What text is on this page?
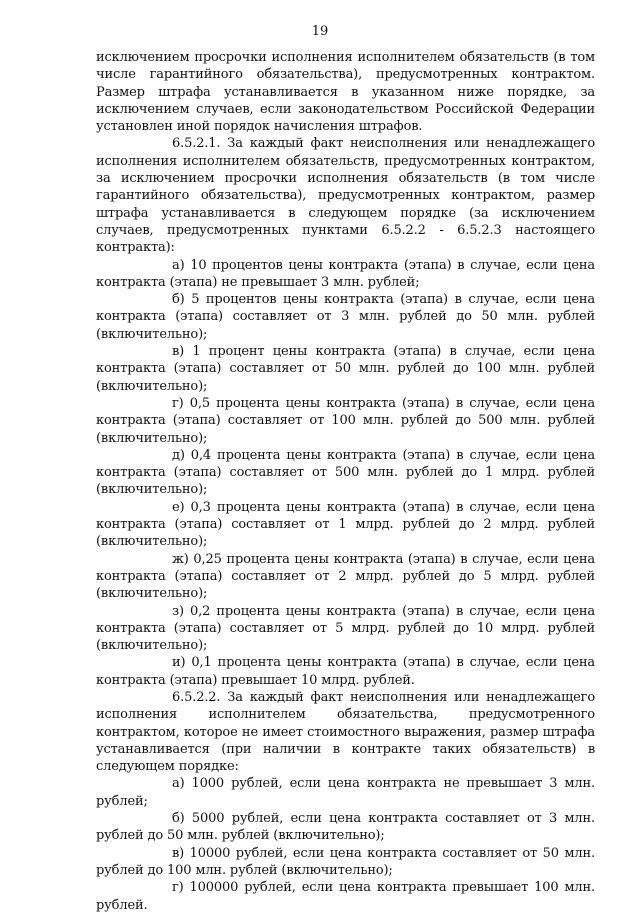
19

исключением просрочки исполнения исполнителем обязательств (в том числе гарантийного обязательства), предусмотренных контрактом. Размер штрафа устанавливается в указанном ниже порядке, за исключением случаев, если законодательством Российской Федерации установлен иной порядок начисления штрафов.

6.5.2.1. За каждый факт неисполнения или ненадлежащего исполнения исполнителем обязательств, предусмотренных контрактом, за исключением просрочки исполнения обязательств (в том числе гарантийного обязательства), предусмотренных контрактом, размер штрафа устанавливается в следующем порядке (за исключением случаев, предусмотренных пунктами 6.5.2.2 - 6.5.2.3 настоящего контракта):

а) 10 процентов цены контракта (этапа) в случае, если цена контракта (этапа) не превышает 3 млн. рублей;

б) 5 процентов цены контракта (этапа) в случае, если цена контракта (этапа) составляет от 3 млн. рублей до 50 млн. рублей (включительно);

в) 1 процент цены контракта (этапа) в случае, если цена контракта (этапа) составляет от 50 млн. рублей до 100 млн. рублей (включительно);

г) 0,5 процента цены контракта (этапа) в случае, если цена контракта (этапа) составляет от 100 млн. рублей до 500 млн. рублей (включительно);

д) 0,4 процента цены контракта (этапа) в случае, если цена контракта (этапа) составляет от 500 млн. рублей до 1 млрд. рублей (включительно);

е) 0,3 процента цены контракта (этапа) в случае, если цена контракта (этапа) составляет от 1 млрд. рублей до 2 млрд. рублей (включительно);

ж) 0,25 процента цены контракта (этапа) в случае, если цена контракта (этапа) составляет от 2 млрд. рублей до 5 млрд. рублей (включительно);

з) 0,2 процента цены контракта (этапа) в случае, если цена контракта (этапа) составляет от 5 млрд. рублей до 10 млрд. рублей (включительно);

и) 0,1 процента цены контракта (этапа) в случае, если цена контракта (этапа) превышает 10 млрд. рублей.

6.5.2.2. За каждый факт неисполнения или ненадлежащего исполнения исполнителем обязательства, предусмотренного контрактом, которое не имеет стоимостного выражения, размер штрафа устанавливается (при наличии в контракте таких обязательств) в следующем порядке:

а) 1000 рублей, если цена контракта не превышает 3 млн. рублей;

б) 5000 рублей, если цена контракта составляет от 3 млн. рублей до 50 млн. рублей (включительно);

в) 10000 рублей, если цена контракта составляет от 50 млн. рублей до 100 млн. рублей (включительно);

г) 100000 рублей, если цена контракта превышает 100 млн. рублей.
